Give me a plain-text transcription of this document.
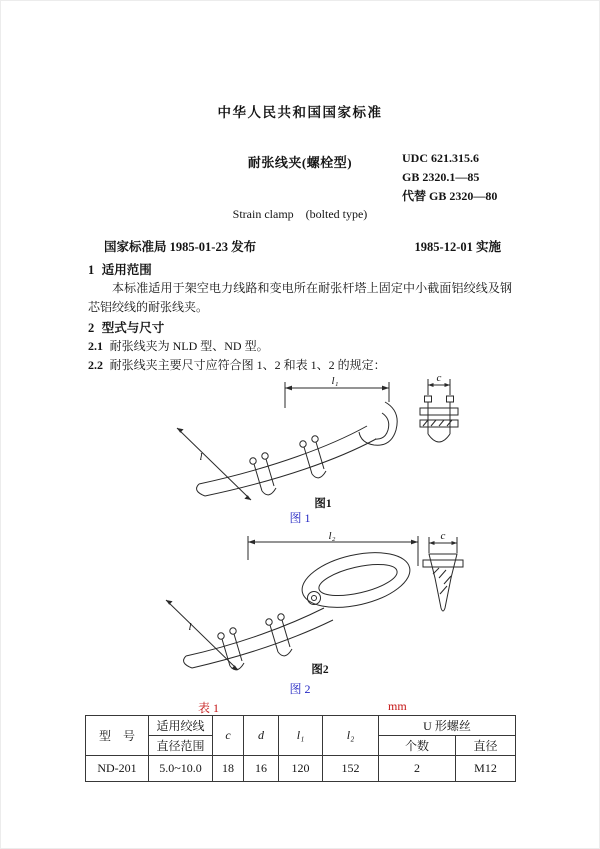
中华人民共和国国家标准
耐张线夹(螺栓型)	UDC 621.315.6
GB 2320.1—85
代替 GB 2320—80
Strain clamp　(bolted type)
国家标准局 1985-01-23 发布	1985-12-01 实施
1 适用范围
本标准适用于架空电力线路和变电所在耐张杆塔上固定中小截面铝绞线及钢芯铝绞线的耐张线夹。
2 型式与尺寸
2.1 耐张线夹为 NLD 型、ND 型。
2.2 耐张线夹主要尺寸应符合图 1、2 和表 1、2 的规定：
l₁
l
c
图1
图 1
l₂
l
c
图2
图 2
表 1	mm
型　号	适用绞线	c	d	l₁	l₂	U 形螺丝	
	直径范围					个数	直径
ND-201	5.0~10.0	18	16	120	152	2	M12
